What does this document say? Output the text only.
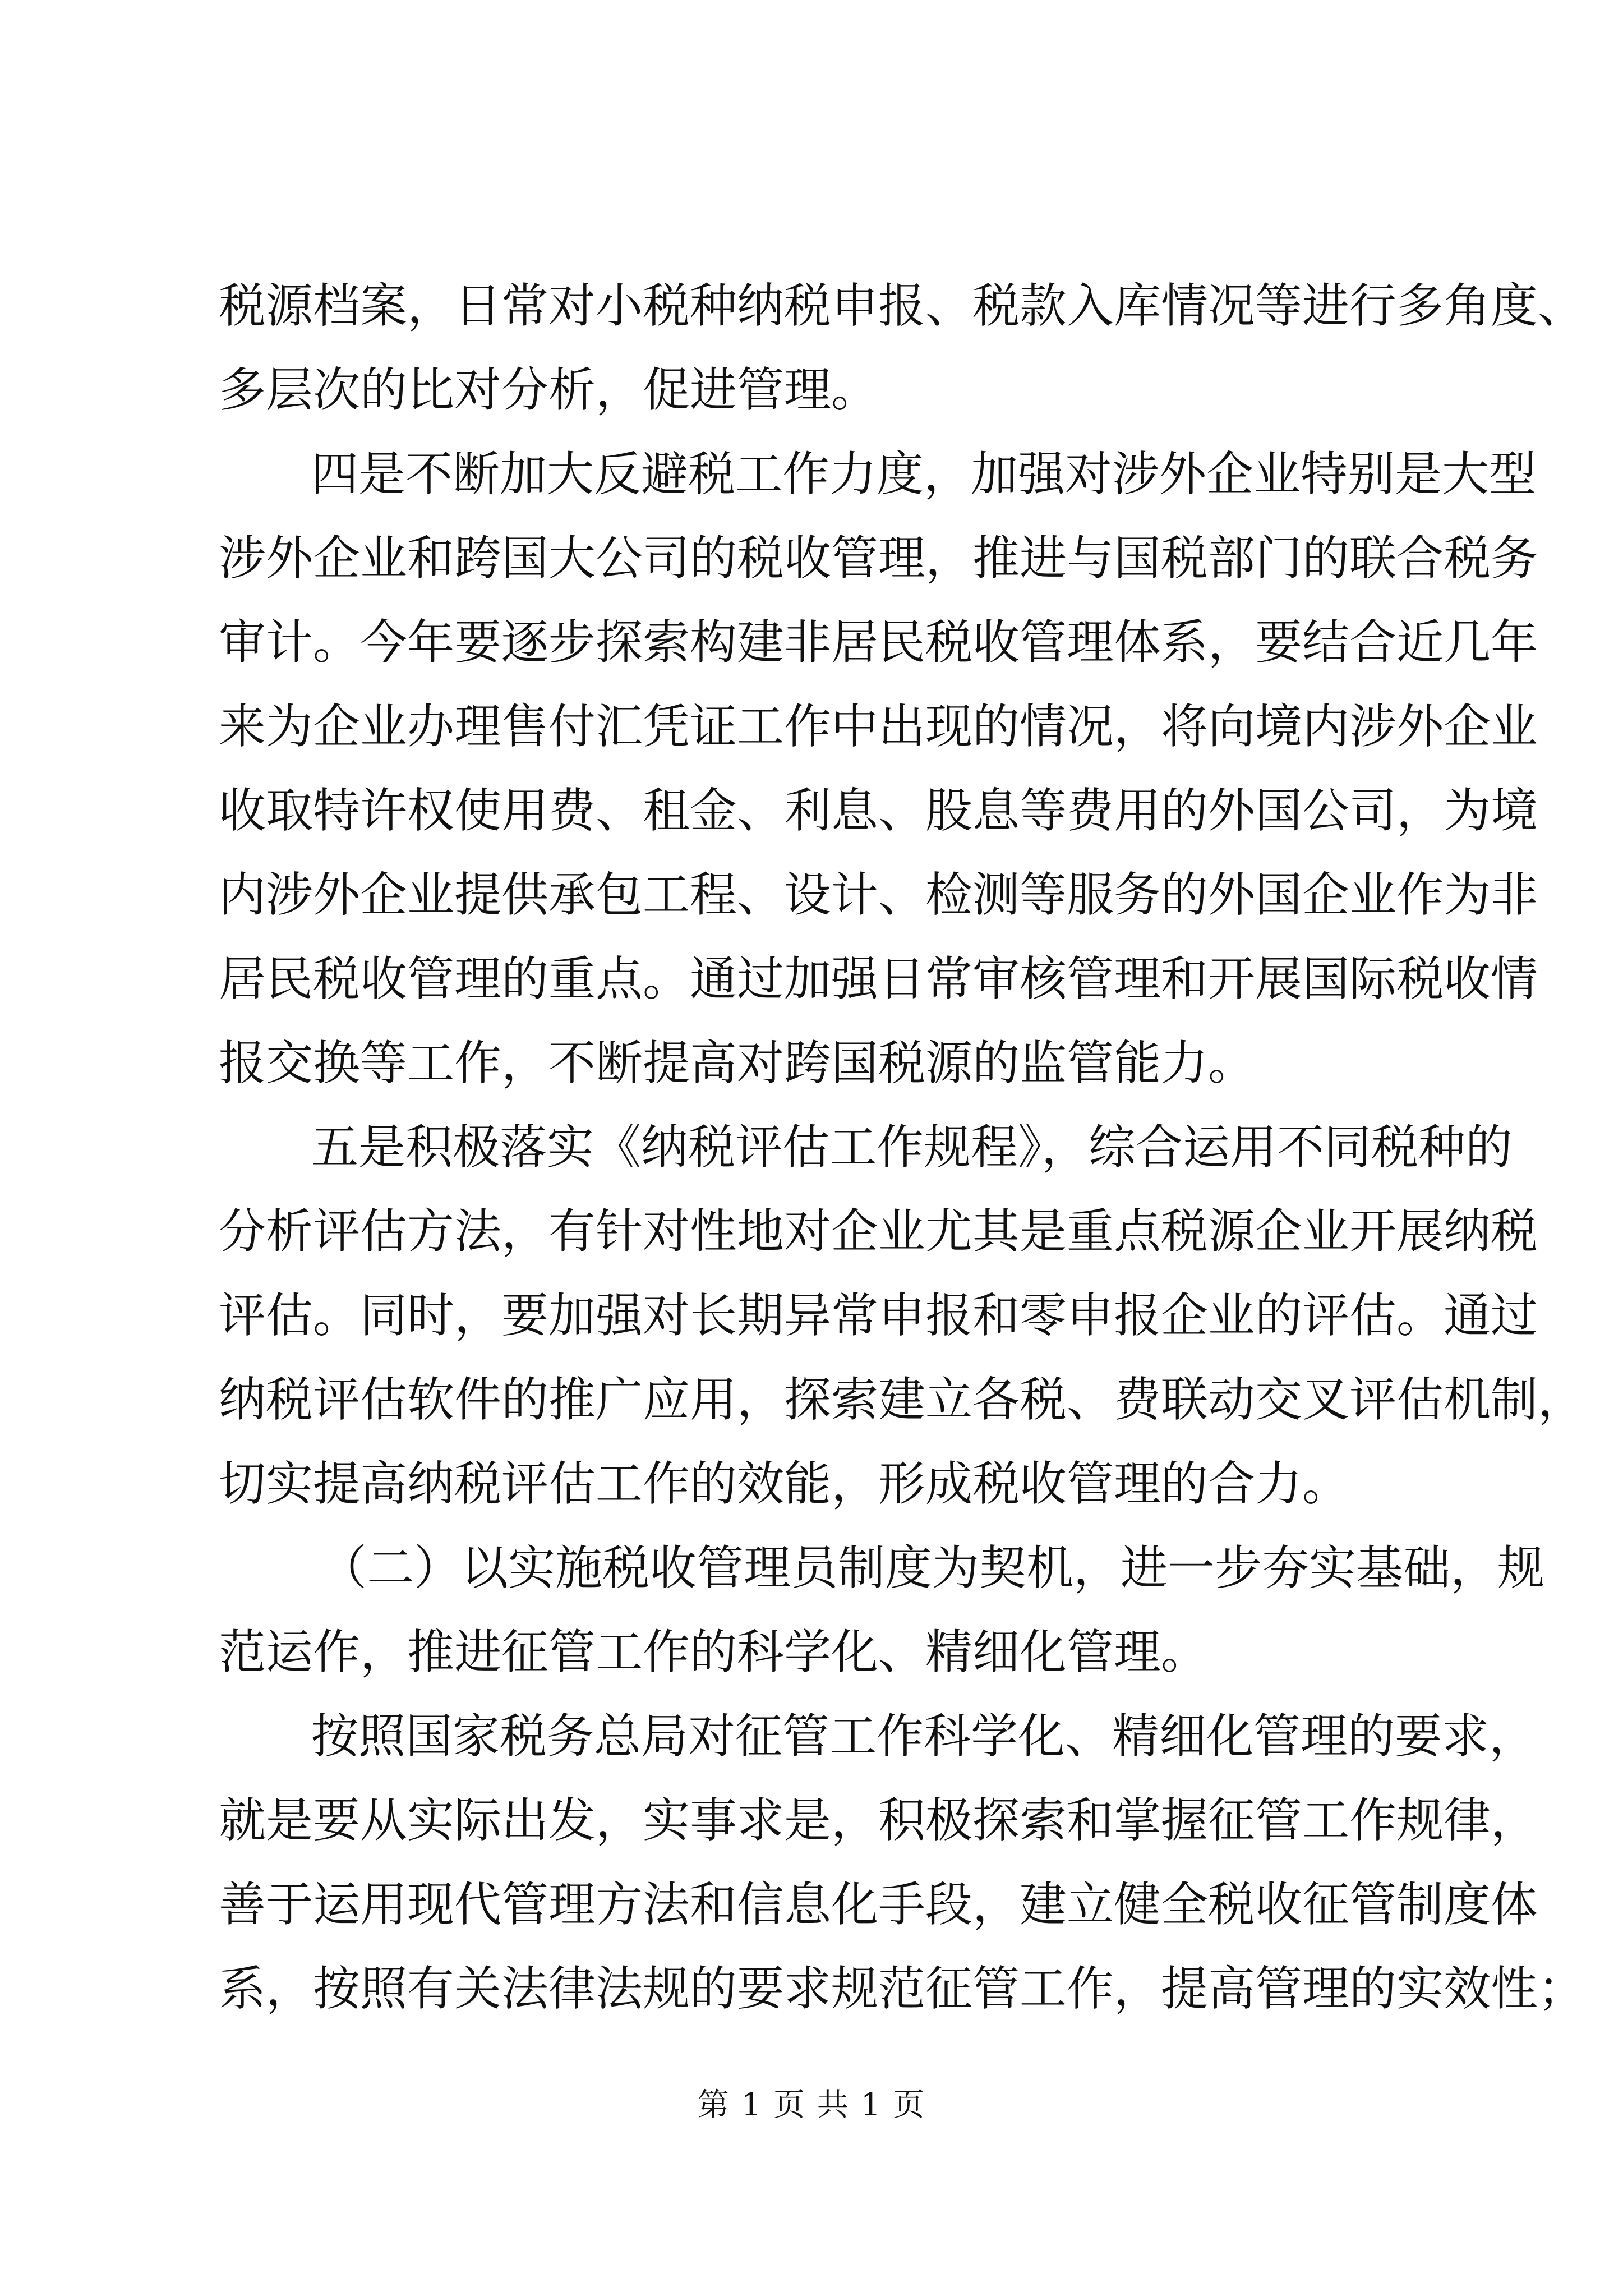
税源档案，日常对小税种纳税申报、税款入库情况等进行多角度、
多层次的比对分析，促进管理。
四是不断加大反避税工作力度，加强对涉外企业特别是大型
涉外企业和跨国大公司的税收管理，推进与国税部门的联合税务
审计。今年要逐步探索构建非居民税收管理体系，要结合近几年
来为企业办理售付汇凭证工作中出现的情况，将向境内涉外企业
收取特许权使用费、租金、利息、股息等费用的外国公司，为境
内涉外企业提供承包工程、设计、检测等服务的外国企业作为非
居民税收管理的重点。通过加强日常审核管理和开展国际税收情
报交换等工作，不断提高对跨国税源的监管能力。
五是积极落实《纳税评估工作规程》，综合运用不同税种的
分析评估方法，有针对性地对企业尤其是重点税源企业开展纳税
评估。同时，要加强对长期异常申报和零申报企业的评估。通过
纳税评估软件的推广应用，探索建立各税、费联动交叉评估机制，
切实提高纳税评估工作的效能，形成税收管理的合力。
（二）以实施税收管理员制度为契机，进一步夯实基础，规
范运作，推进征管工作的科学化、精细化管理。
按照国家税务总局对征管工作科学化、精细化管理的要求，
就是要从实际出发，实事求是，积极探索和掌握征管工作规律，
善于运用现代管理方法和信息化手段，建立健全税收征管制度体
系，按照有关法律法规的要求规范征管工作，提高管理的实效性；
第 1 页 共 1 页
